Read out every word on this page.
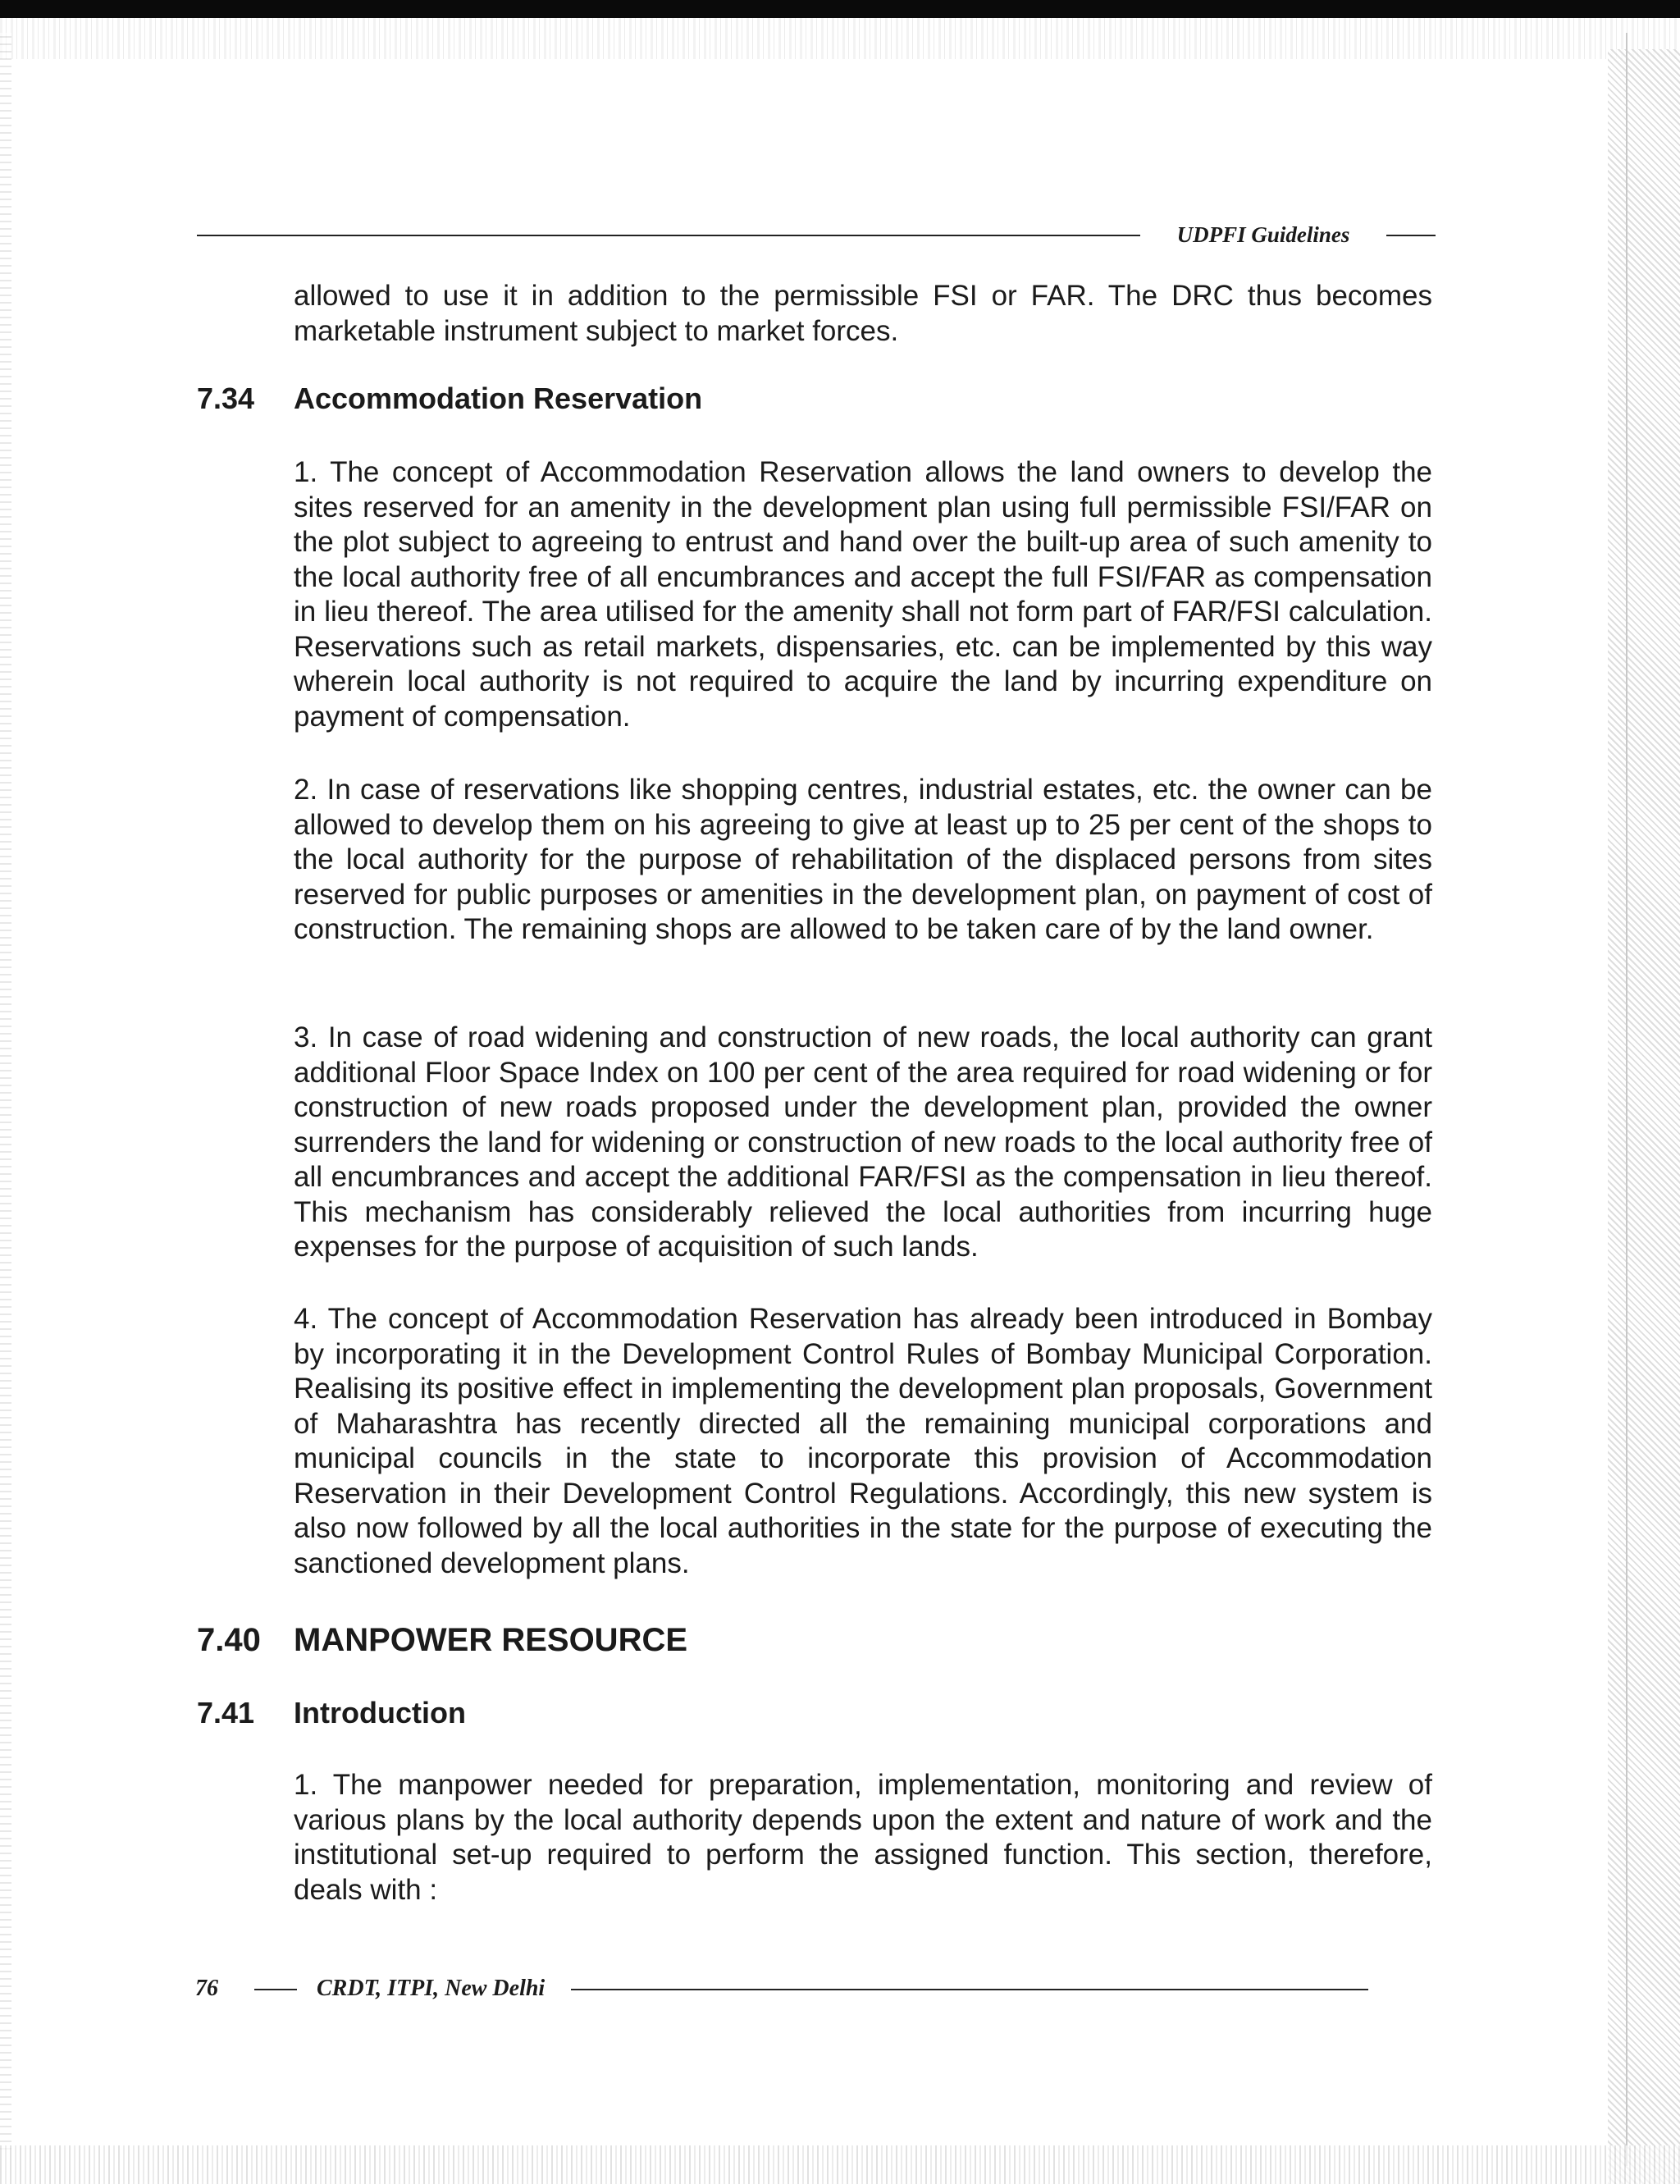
UDPFI Guidelines

allowed to use it in addition to the permissible FSI or FAR. The DRC thus becomes marketable instrument subject to market forces.

7.34 Accommodation Reservation

1. The concept of Accommodation Reservation allows the land owners to develop the sites reserved for an amenity in the development plan using full permissible FSI/FAR on the plot subject to agreeing to entrust and hand over the built-up area of such amenity to the local authority free of all encumbrances and accept the full FSI/FAR as compensation in lieu thereof. The area utilised for the amenity shall not form part of FAR/FSI calculation. Reservations such as retail markets, dispensaries, etc. can be implemented by this way wherein local authority is not required to acquire the land by incurring expenditure on payment of compensation.

2. In case of reservations like shopping centres, industrial estates, etc. the owner can be allowed to develop them on his agreeing to give at least up to 25 per cent of the shops to the local authority for the purpose of rehabilitation of the displaced persons from sites reserved for public purposes or amenities in the development plan, on payment of cost of construction. The remaining shops are allowed to be taken care of by the land owner.

3. In case of road widening and construction of new roads, the local authority can grant additional Floor Space Index on 100 per cent of the area required for road widening or for construction of new roads proposed under the development plan, provided the owner surrenders the land for widening or construction of new roads to the local authority free of all encumbrances and accept the additional FAR/FSI as the compensation in lieu thereof. This mechanism has considerably relieved the local authorities from incurring huge expenses for the purpose of acquisition of such lands.

4. The concept of Accommodation Reservation has already been introduced in Bombay by incorporating it in the Development Control Rules of Bombay Municipal Corporation. Realising its positive effect in implementing the development plan proposals, Government of Maharashtra has recently directed all the remaining municipal corporations and municipal councils in the state to incorporate this provision of Accommodation Reservation in their Development Control Regulations. Accordingly, this new system is also now followed by all the local authorities in the state for the purpose of executing the sanctioned development plans.

7.40 MANPOWER RESOURCE
7.41 Introduction

1. The manpower needed for preparation, implementation, monitoring and review of various plans by the local authority depends upon the extent and nature of work and the institutional set-up required to perform the assigned function. This section, therefore, deals with :

76	CRDT, ITPI, New Delhi
